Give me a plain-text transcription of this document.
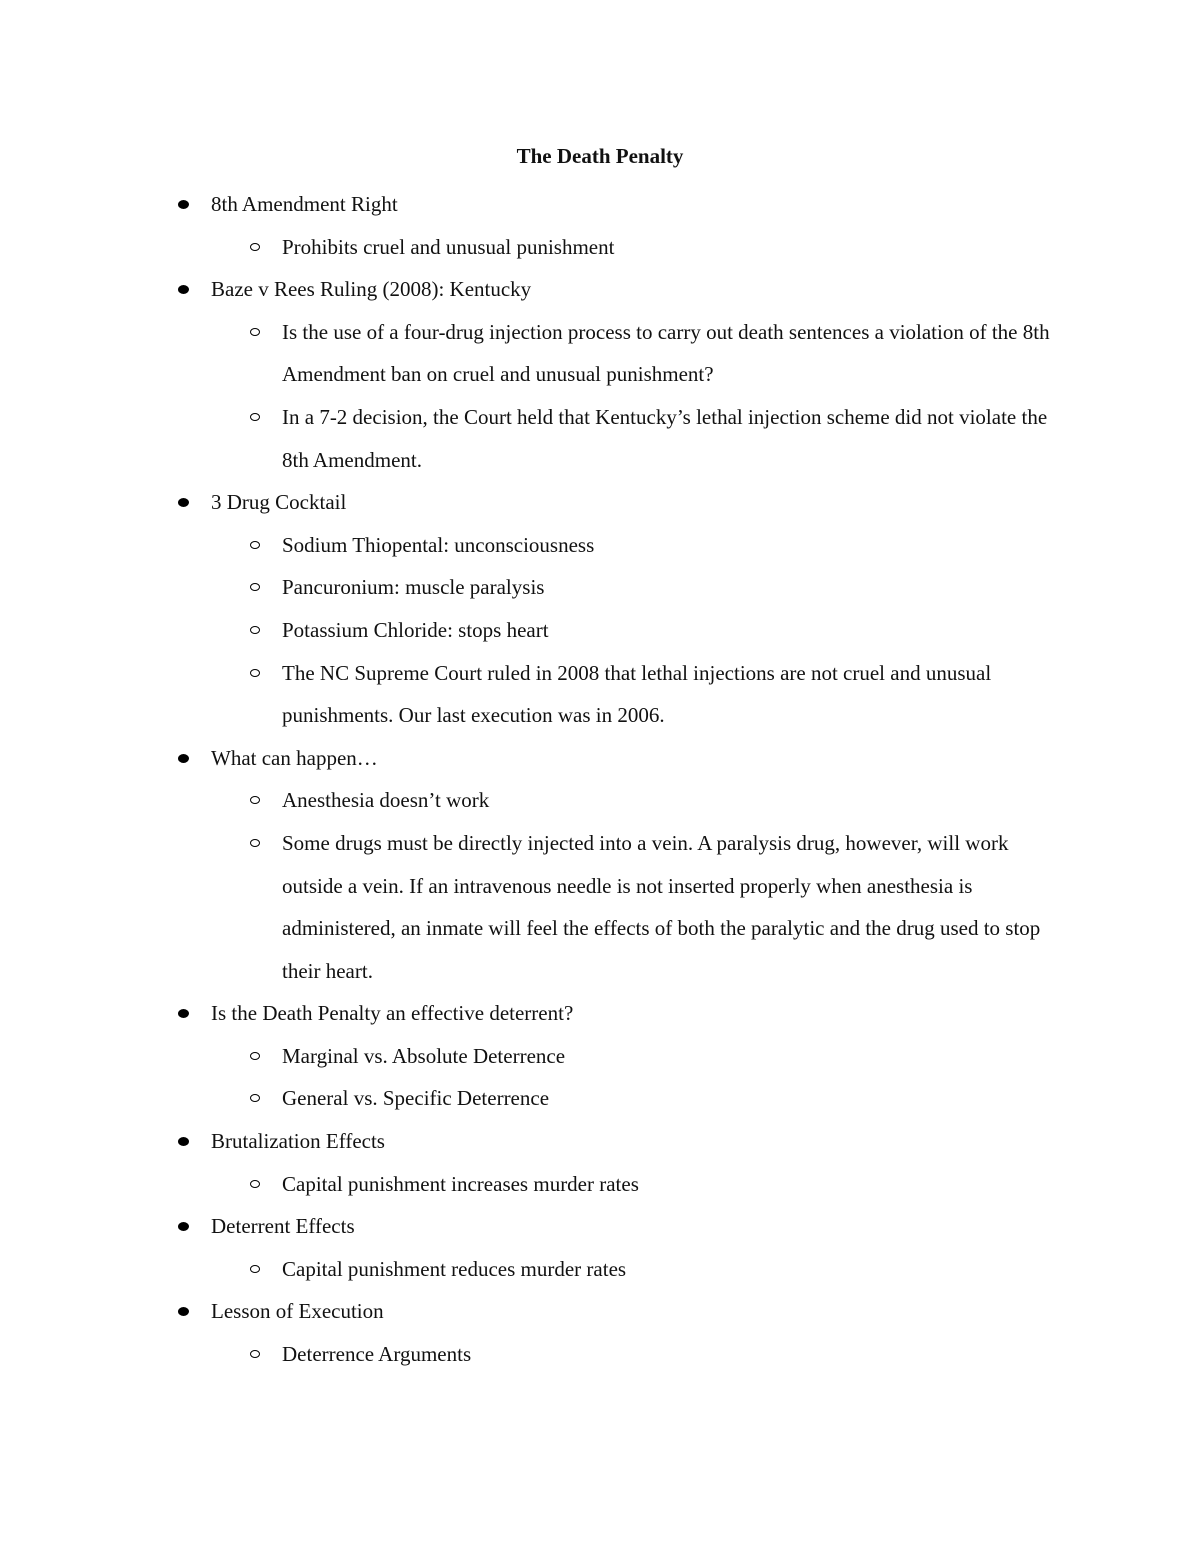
The Death Penalty
8th Amendment Right
Prohibits cruel and unusual punishment
Baze v Rees Ruling (2008): Kentucky
Is the use of a four-drug injection process to carry out death sentences a violation of the 8th Amendment ban on cruel and unusual punishment?
In a 7-2 decision, the Court held that Kentucky’s lethal injection scheme did not violate the 8th Amendment.
3 Drug Cocktail
Sodium Thiopental: unconsciousness
Pancuronium: muscle paralysis
Potassium Chloride: stops heart
The NC Supreme Court ruled in 2008 that lethal injections are not cruel and unusual punishments. Our last execution was in 2006.
What can happen…
Anesthesia doesn’t work
Some drugs must be directly injected into a vein. A paralysis drug, however, will work outside a vein. If an intravenous needle is not inserted properly when anesthesia is administered, an inmate will feel the effects of both the paralytic and the drug used to stop their heart.
Is the Death Penalty an effective deterrent?
Marginal vs. Absolute Deterrence
General vs. Specific Deterrence
Brutalization Effects
Capital punishment increases murder rates
Deterrent Effects
Capital punishment reduces murder rates
Lesson of Execution
Deterrence Arguments
